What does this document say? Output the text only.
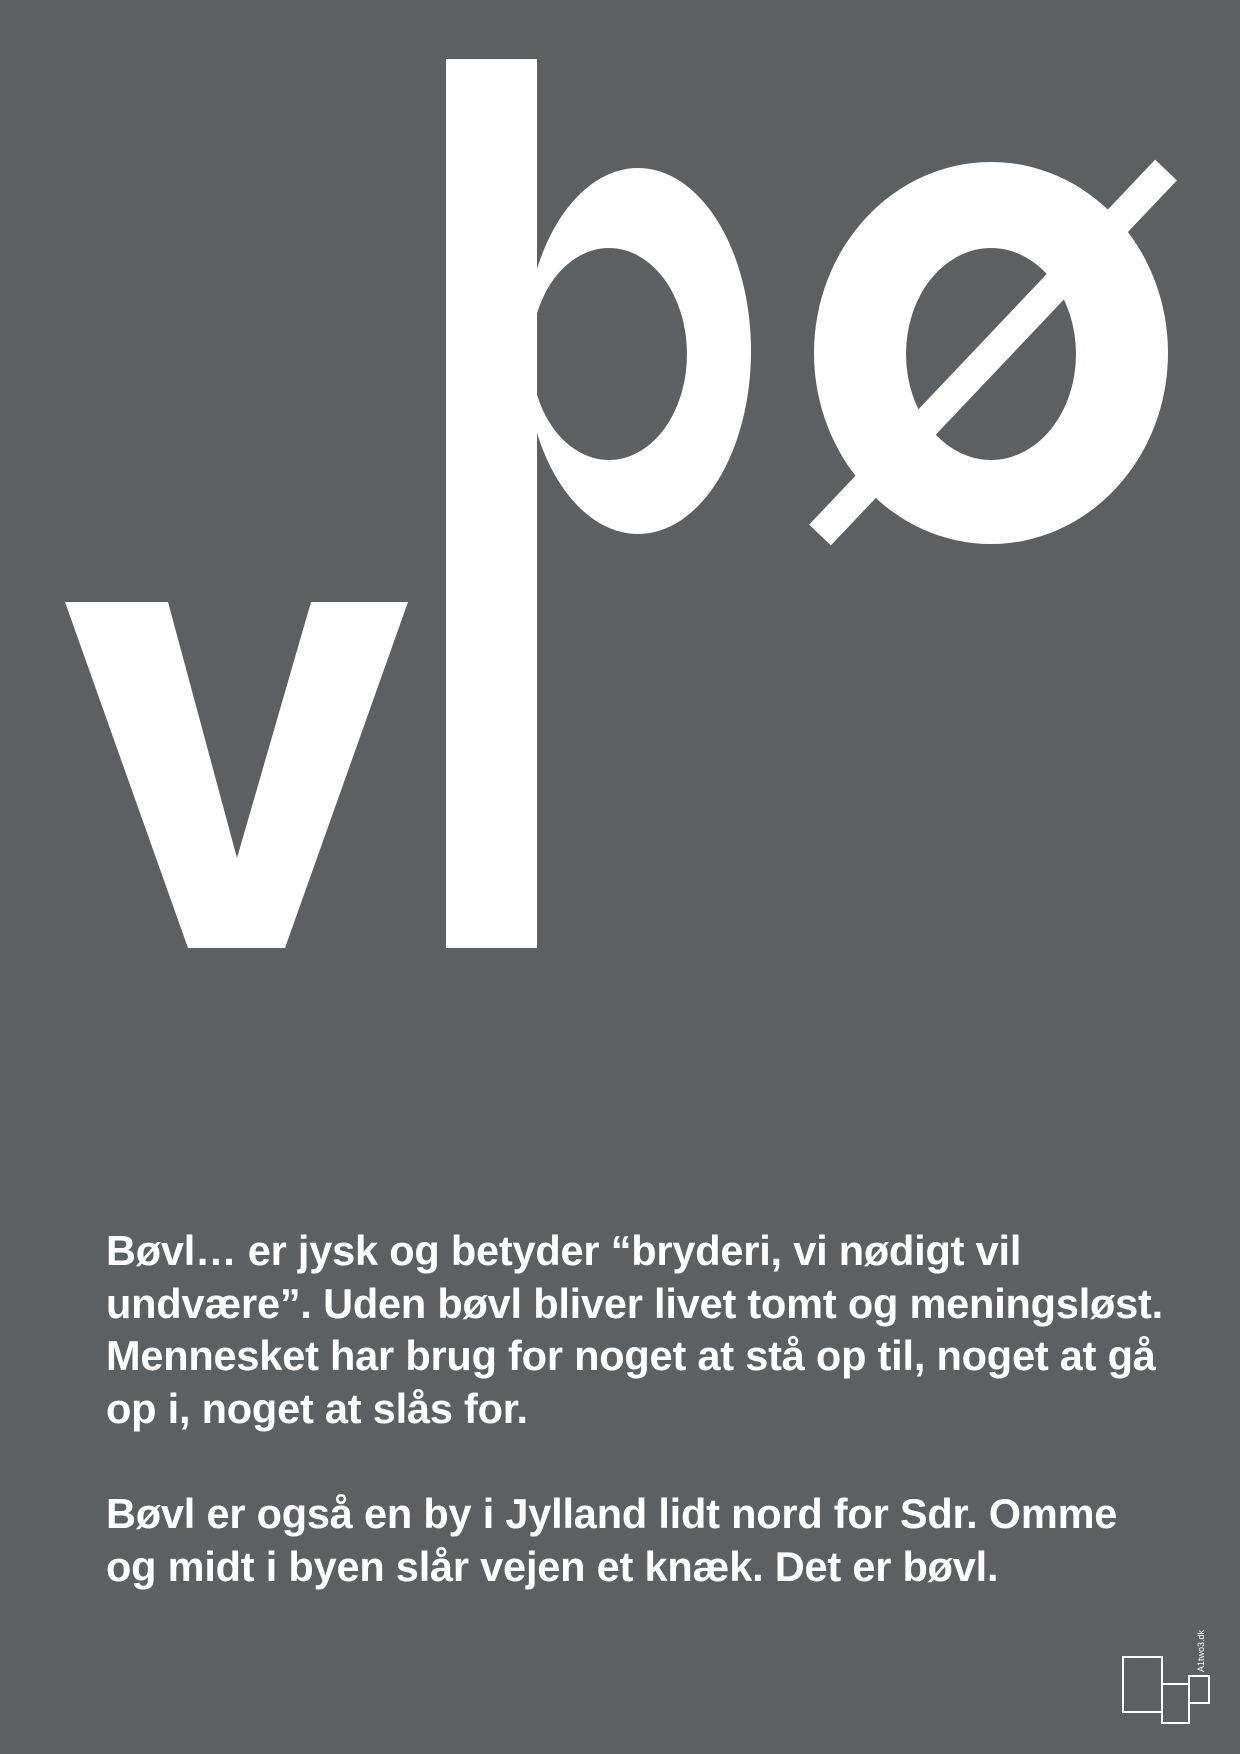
Bøvl… er jysk og betyder “bryderi, vi nødigt vil
undvære”. Uden bøvl bliver livet tomt og meningsløst.
Mennesket har brug for noget at stå op til, noget at gå
op i, noget at slås for.

Bøvl er også en by i Jylland lidt nord for Sdr. Omme
og midt i byen slår vejen et knæk. Det er bøvl.

A1two3.dk
